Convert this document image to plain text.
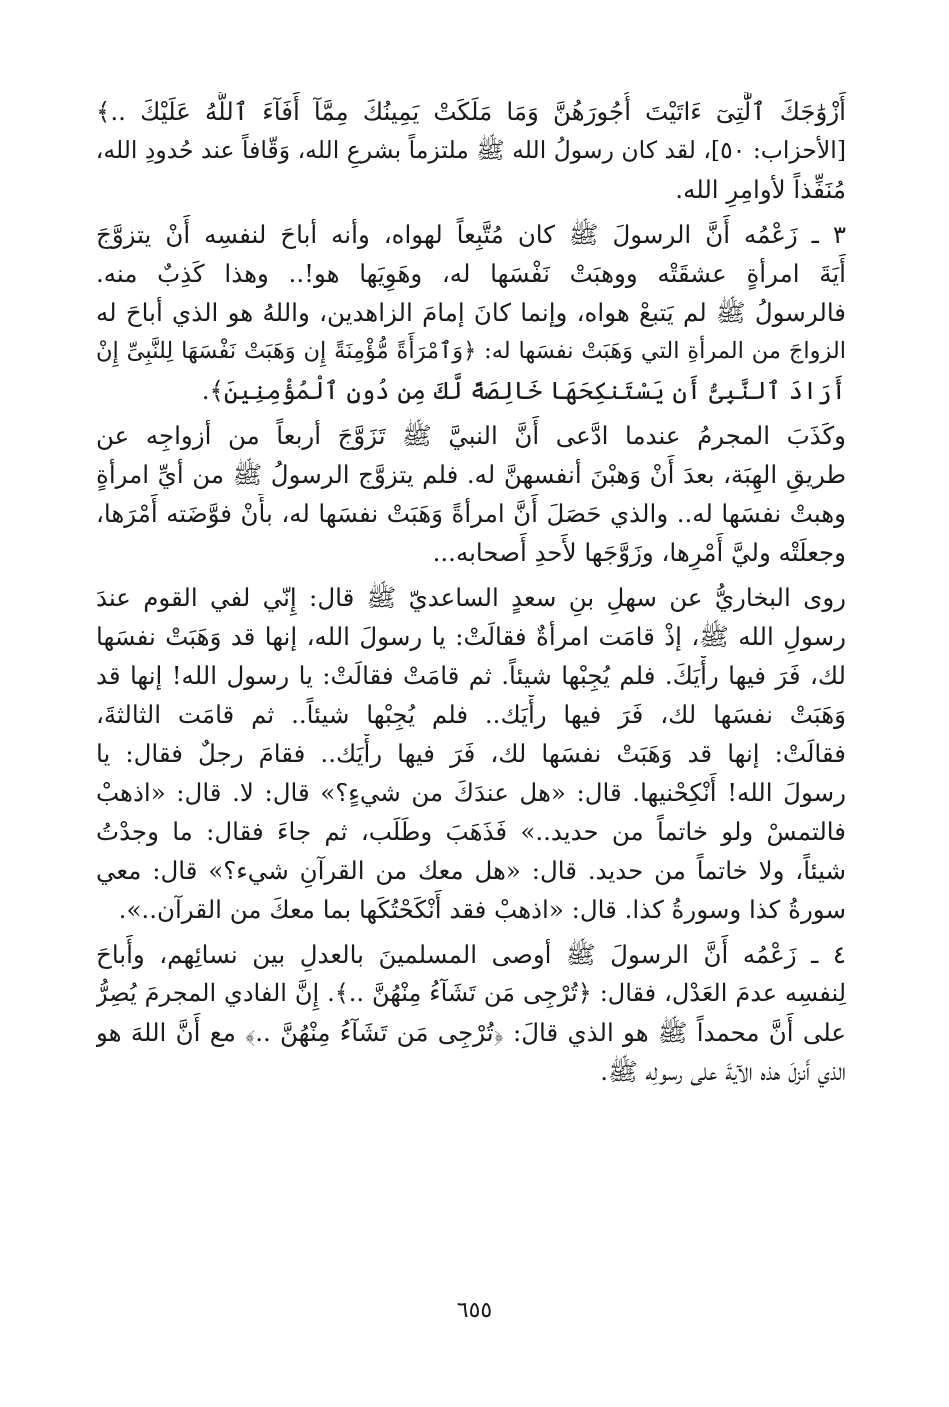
أَزْوَٰجَكَ ٱلَّٰتِىٓ ءَاتَيْتَ أُجُورَهُنَّ وَمَا مَلَكَتْ يَمِينُكَ مِمَّآ أَفَآءَ ٱللَّهُ عَلَيْكَ ..﴾
[الأحزاب: ٥٠]، لقد كان رسولُ الله ﷺ ملتزماً بشرعِ الله، وَقّافاً عند حُدودِ الله،
مُنَفِّذاً لأوامِرِ الله.
٣ ـ زَعْمُه أَنَّ الرسولَ ﷺ كان مُتَّبِعاً لهواه، وأنه أباحَ لنفسِه أَنْ يتزوَّجَ
أَيَةَ امرأةٍ عشقَتْه ووهبَتْ نَفْسَها له، وهَوِيَها هو!.. وهذا كَذِبٌ منه.
فالرسولُ ﷺ لم يَتبعْ هواه، وإنما كانَ إمامَ الزاهدين، واللهُ هو الذي أباحَ له
الزواجَ من المرأةِ التي وَهَبَتْ نفسَها له: ﴿وَٱمْرَأَةً مُّؤْمِنَةً إِن وَهَبَتْ نَفْسَهَا لِلنَّبِىِّ إِنْ
أَرَادَ ٱلنَّبِىُّ أَن يَسْتَنكِحَهَا خَالِصَةً لَّكَ مِن دُونِ ٱلْمُؤْمِنِينَ﴾.
وكَذَبَ المجرمُ عندما ادَّعى أَنَّ النبيَّ ﷺ تَزَوَّجَ أربعاً من أزواجِه عن
طريقِ الهِبَة، بعدَ أَنْ وَهبْنَ أنفسهنَّ له. فلم يتزوَّج الرسولُ ﷺ من أيِّ امرأةٍ
وهبتْ نفسَها له.. والذي حَصَلَ أَنَّ امرأةً وَهَبَتْ نفسَها له، بأَنْ فوَّضَته أَمْرَها،
وجعلَتْه وليَّ أَمْرِها، وزَوَّجَها لأَحدِ أَصحابه...
روى البخاريُّ عن سهلِ بنِ سعدٍ الساعديّ ﷺ قال: إِنّي لفي القوم عندَ
رسولِ الله ﷺ، إذْ قامَت امرأةٌ فقالَتْ: يا رسولَ الله، إنها قد وَهَبَتْ نفسَها
لك، فَرَ فيها رأْيَكَ. فلم يُجِبْها شيئاً. ثم قامَتْ فقالَتْ: يا رسول الله! إنها قد
وَهَبَتْ نفسَها لك، فَرَ فيها رأْيَك.. فلم يُجِبْها شيئاً.. ثم قامَت الثالثةَ،
فقالَتْ: إنها قد وَهَبَتْ نفسَها لك، فَرَ فيها رأْيَك.. فقامَ رجلٌ فقال: يا
رسولَ الله! أَنْكِحْنيها. قال: «هل عندَكَ من شيءٍ؟» قال: لا. قال: «اذهبْ
فالتمسْ ولو خاتماً من حديد..» فَذَهَبَ وطَلَب، ثم جاءَ فقال: ما وجدْتُ
شيئاً، ولا خاتماً من حديد. قال: «هل معك من القرآنِ شيء؟» قال: معي
سورةُ كذا وسورةُ كذا. قال: «اذهبْ فقد أَنْكَحْتُكَها بما معكَ من القرآن..».
٤ ـ زَعْمُه أَنَّ الرسولَ ﷺ أوصى المسلمينَ بالعدلِ بين نسائِهم، وأَباحَ
لِنفسِه عدمَ العَدْل، فقال: ﴿تُرْجِى مَن تَشَآءُ مِنْهُنَّ ..﴾. إِنَّ الفادي المجرمَ يُصِرُّ
على أَنَّ محمداً ﷺ هو الذي قالَ: ﴿تُرْجِى مَن تَشَآءُ مِنْهُنَّ ..﴾ مع أَنَّ اللهَ هو
الذي أَنزلَ هذه الآيةَ على رسولِه ﷺ.
٦٥٥
